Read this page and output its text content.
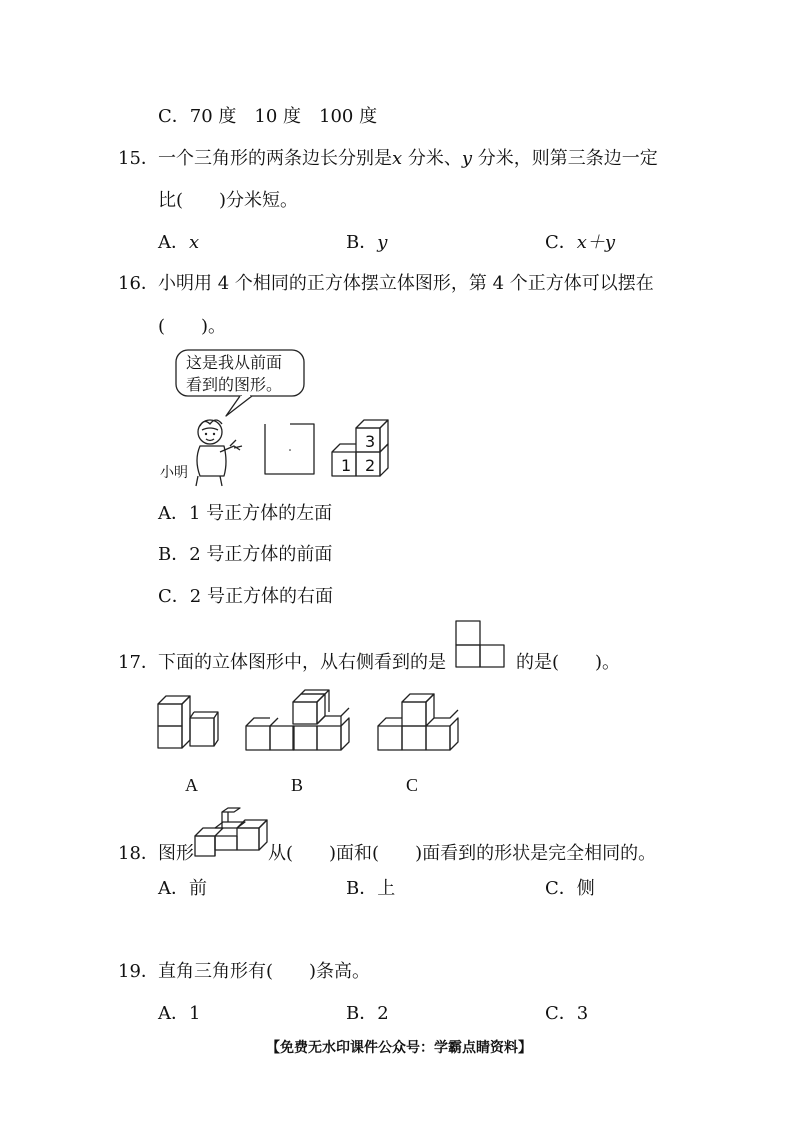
C．70 度　10 度　100 度
15． 一个三角形的两条边长分别是x 分米、y 分米，则第三条边一定
比(　　)分米短。
A．x	B．y	C．x＋y
16． 小明用 4 个相同的正方体摆立体图形，第 4 个正方体可以摆在
(　　)。
这是我从前面
看到的图形。
小明	1 2
3
A．1 号正方体的左面
B．2 号正方体的前面
C．2 号正方体的右面
17． 下面的立体图形中，从右侧看到的是	的是(　　)。
A	B	C
18． 图形	从(　　)面和(　　)面看到的形状是完全相同的。
A．前	B．上	C．侧
19． 直角三角形有(　　)条高。
A．1	B．2	C．3
【免费无水印课件公众号：学霸点睛资料】
